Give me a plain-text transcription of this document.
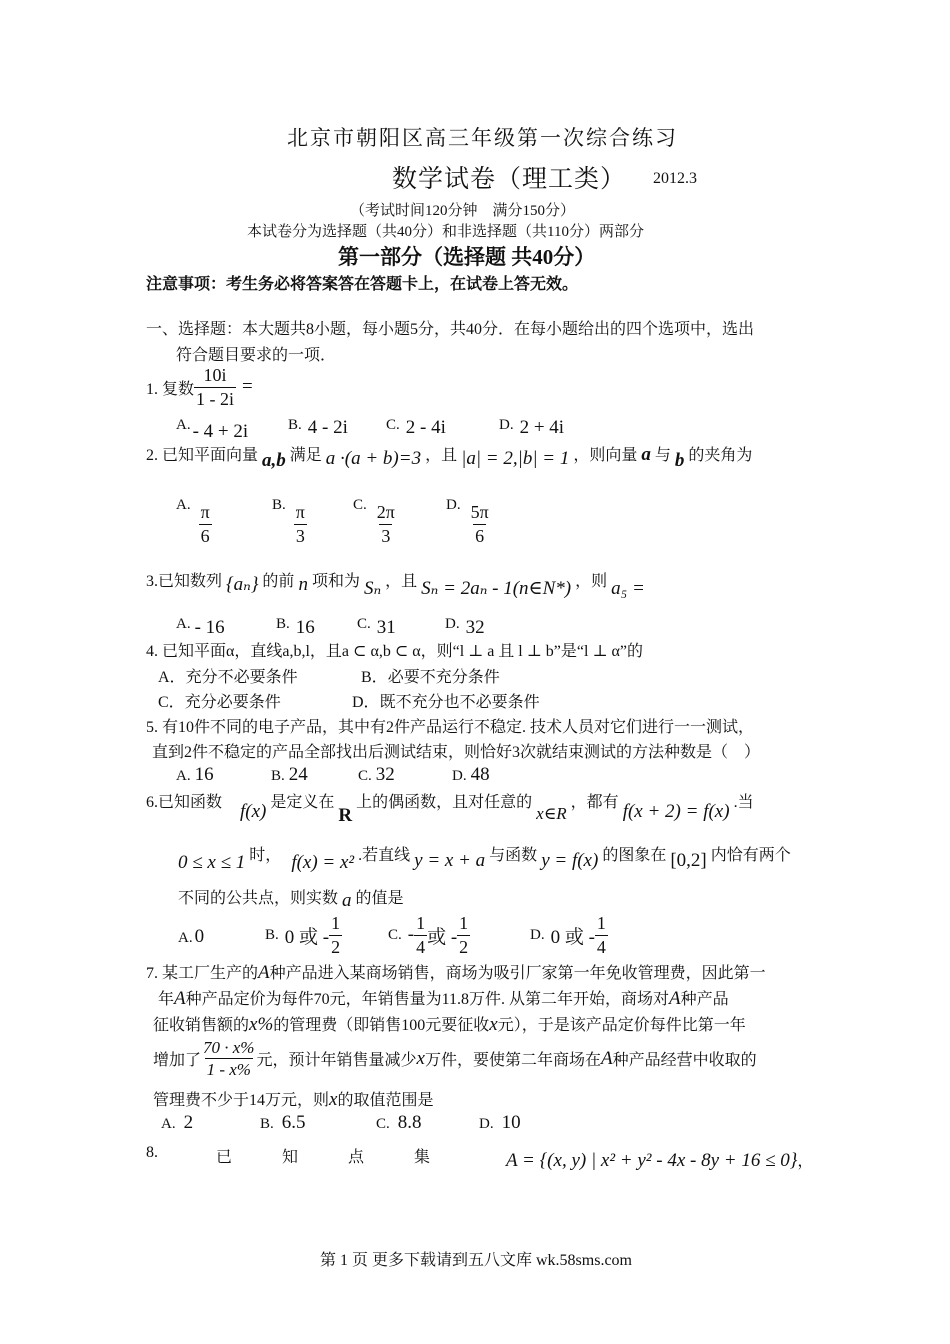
北京市朝阳区高三年级第一次综合练习
数学试卷（理工类） 2012.3
（考试时间120分钟　满分150分）
本试卷分为选择题（共40分）和非选择题（共110分）两部分
第一部分（选择题 共40分）
注意事项：考生务必将答案答在答题卡上，在试卷上答无效。
一、选择题：本大题共8小题，每小题5分，共40分．在每小题给出的四个选项中，选出
符合题目要求的一项．
1. 复数 $\frac{10i}{1 - 2i}$ =
A. - 4 + 2i	B. 4 - 2i	C. 2 - 4i	D. 2 + 4i
2. 已知平面向量 a,b 满足 a ·(a + b)=3 ，且 |a| = 2,|b| = 1 ，则向量 a 与 b 的夹角为
A. $\frac{\pi}{6}$	B. $\frac{\pi}{3}$	C. $\frac{2\pi}{3}$	D. $\frac{5\pi}{6}$
3.已知数列 {aₙ} 的前 n 项和为 Sₙ ，且 Sₙ = 2aₙ - 1(n∈N*) ，则 a₅ =
A. - 16	B. 16	C. 31	D. 32
4. 已知平面α，直线a,b,l，且a ⊂ α,b ⊂ α，则“l ⊥ a 且 l ⊥ b”是“l ⊥ α”的
A．充分不必要条件	B．必要不充分条件
C．充分必要条件	D．既不充分也不必要条件
5. 有10件不同的电子产品，其中有2件产品运行不稳定. 技术人员对它们进行一一测试，
直到2件不稳定的产品全部找出后测试结束，则恰好3次就结束测试的方法种数是（　）
A. 16	B. 24	C. 32	D. 48
6.已知函数 f(x) 是定义在 R 上的偶函数，且对任意的 x∈R ，都有 f(x + 2) = f(x) .当
0 ≤ x ≤ 1 时， f(x) = x² .若直线 y = x + a 与函数 y = f(x) 的图象在 [0,2] 内恰有两个
不同的公共点，则实数 a 的值是
A. 0	B. 0 或 - $\frac{1}{2}$	C. - $\frac{1}{4}$ 或 - $\frac{1}{2}$	D. 0 或 - $\frac{1}{4}$
7. 某工厂生产的A种产品进入某商场销售，商场为吸引厂家第一年免收管理费，因此第一
年A种产品定价为每件70元，年销售量为11.8万件. 从第二年开始，商场对A种产品
征收销售额的x%的管理费（即销售100元要征收x元），于是该产品定价每件比第一年
增加了 $\frac{70 \cdot x\%}{1 - x\%}$ 元，预计年销售量减少 x 万件，要使第二年商场在 A 种产品经营中收取的
管理费不少于14万元，则x的取值范围是
A. 2	B. 6.5	C. 8.8	D. 10
8.	已知点集 A = {(x, y) | x² + y² - 4x - 8y + 16 ≤ 0}，
第 1 页 更多下载请到五八文库 wk.58sms.com
